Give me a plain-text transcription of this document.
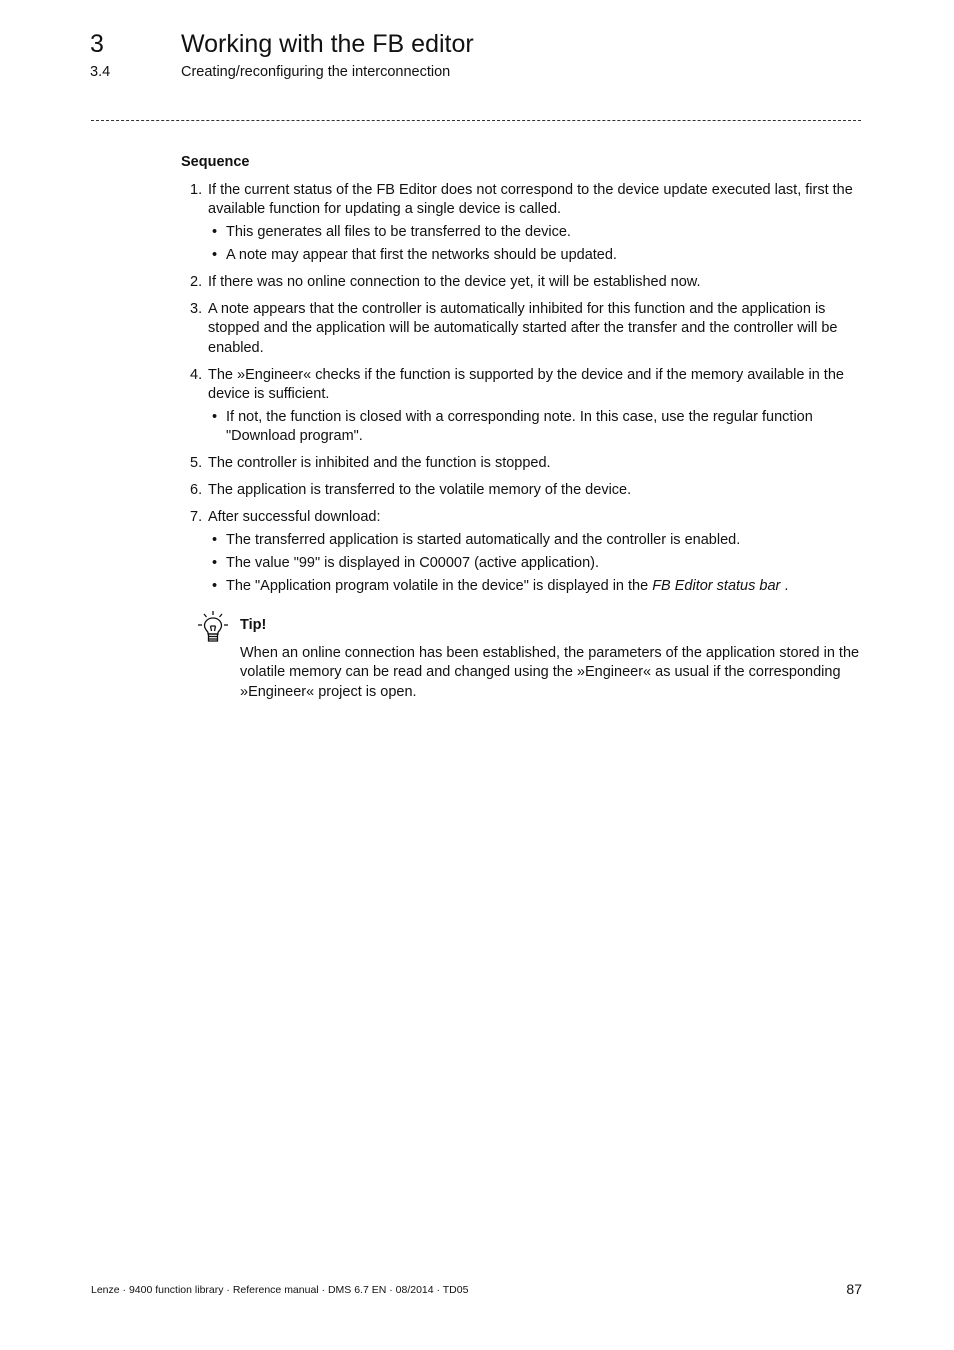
3	Working with the FB editor
3.4	Creating/reconfiguring the interconnection
Sequence
1. If the current status of the FB Editor does not correspond to the device update executed last, first the available function for updating a single device is called.
• This generates all files to be transferred to the device.
• A note may appear that first the networks should be updated.
2. If there was no online connection to the device yet, it will be established now.
3. A note appears that the controller is automatically inhibited for this function and the application is stopped and the application will be automatically started after the transfer and the controller will be enabled.
4. The »Engineer« checks if the function is supported by the device and if the memory available in the device is sufficient.
• If not, the function is closed with a corresponding note. In this case, use the regular function "Download program".
5. The controller is inhibited and the function is stopped.
6. The application is transferred to the volatile memory of the device.
7. After successful download:
• The transferred application is started automatically and the controller is enabled.
• The value "99" is displayed in C00007 (active application).
• The "Application program volatile in the device" is displayed in the FB Editor status bar .
Tip!
When an online connection has been established, the parameters of the application stored in the volatile memory can be read and changed using the »Engineer« as usual if the corresponding »Engineer« project is open.
Lenze · 9400 function library · Reference manual · DMS 6.7 EN · 08/2014 · TD05	87
